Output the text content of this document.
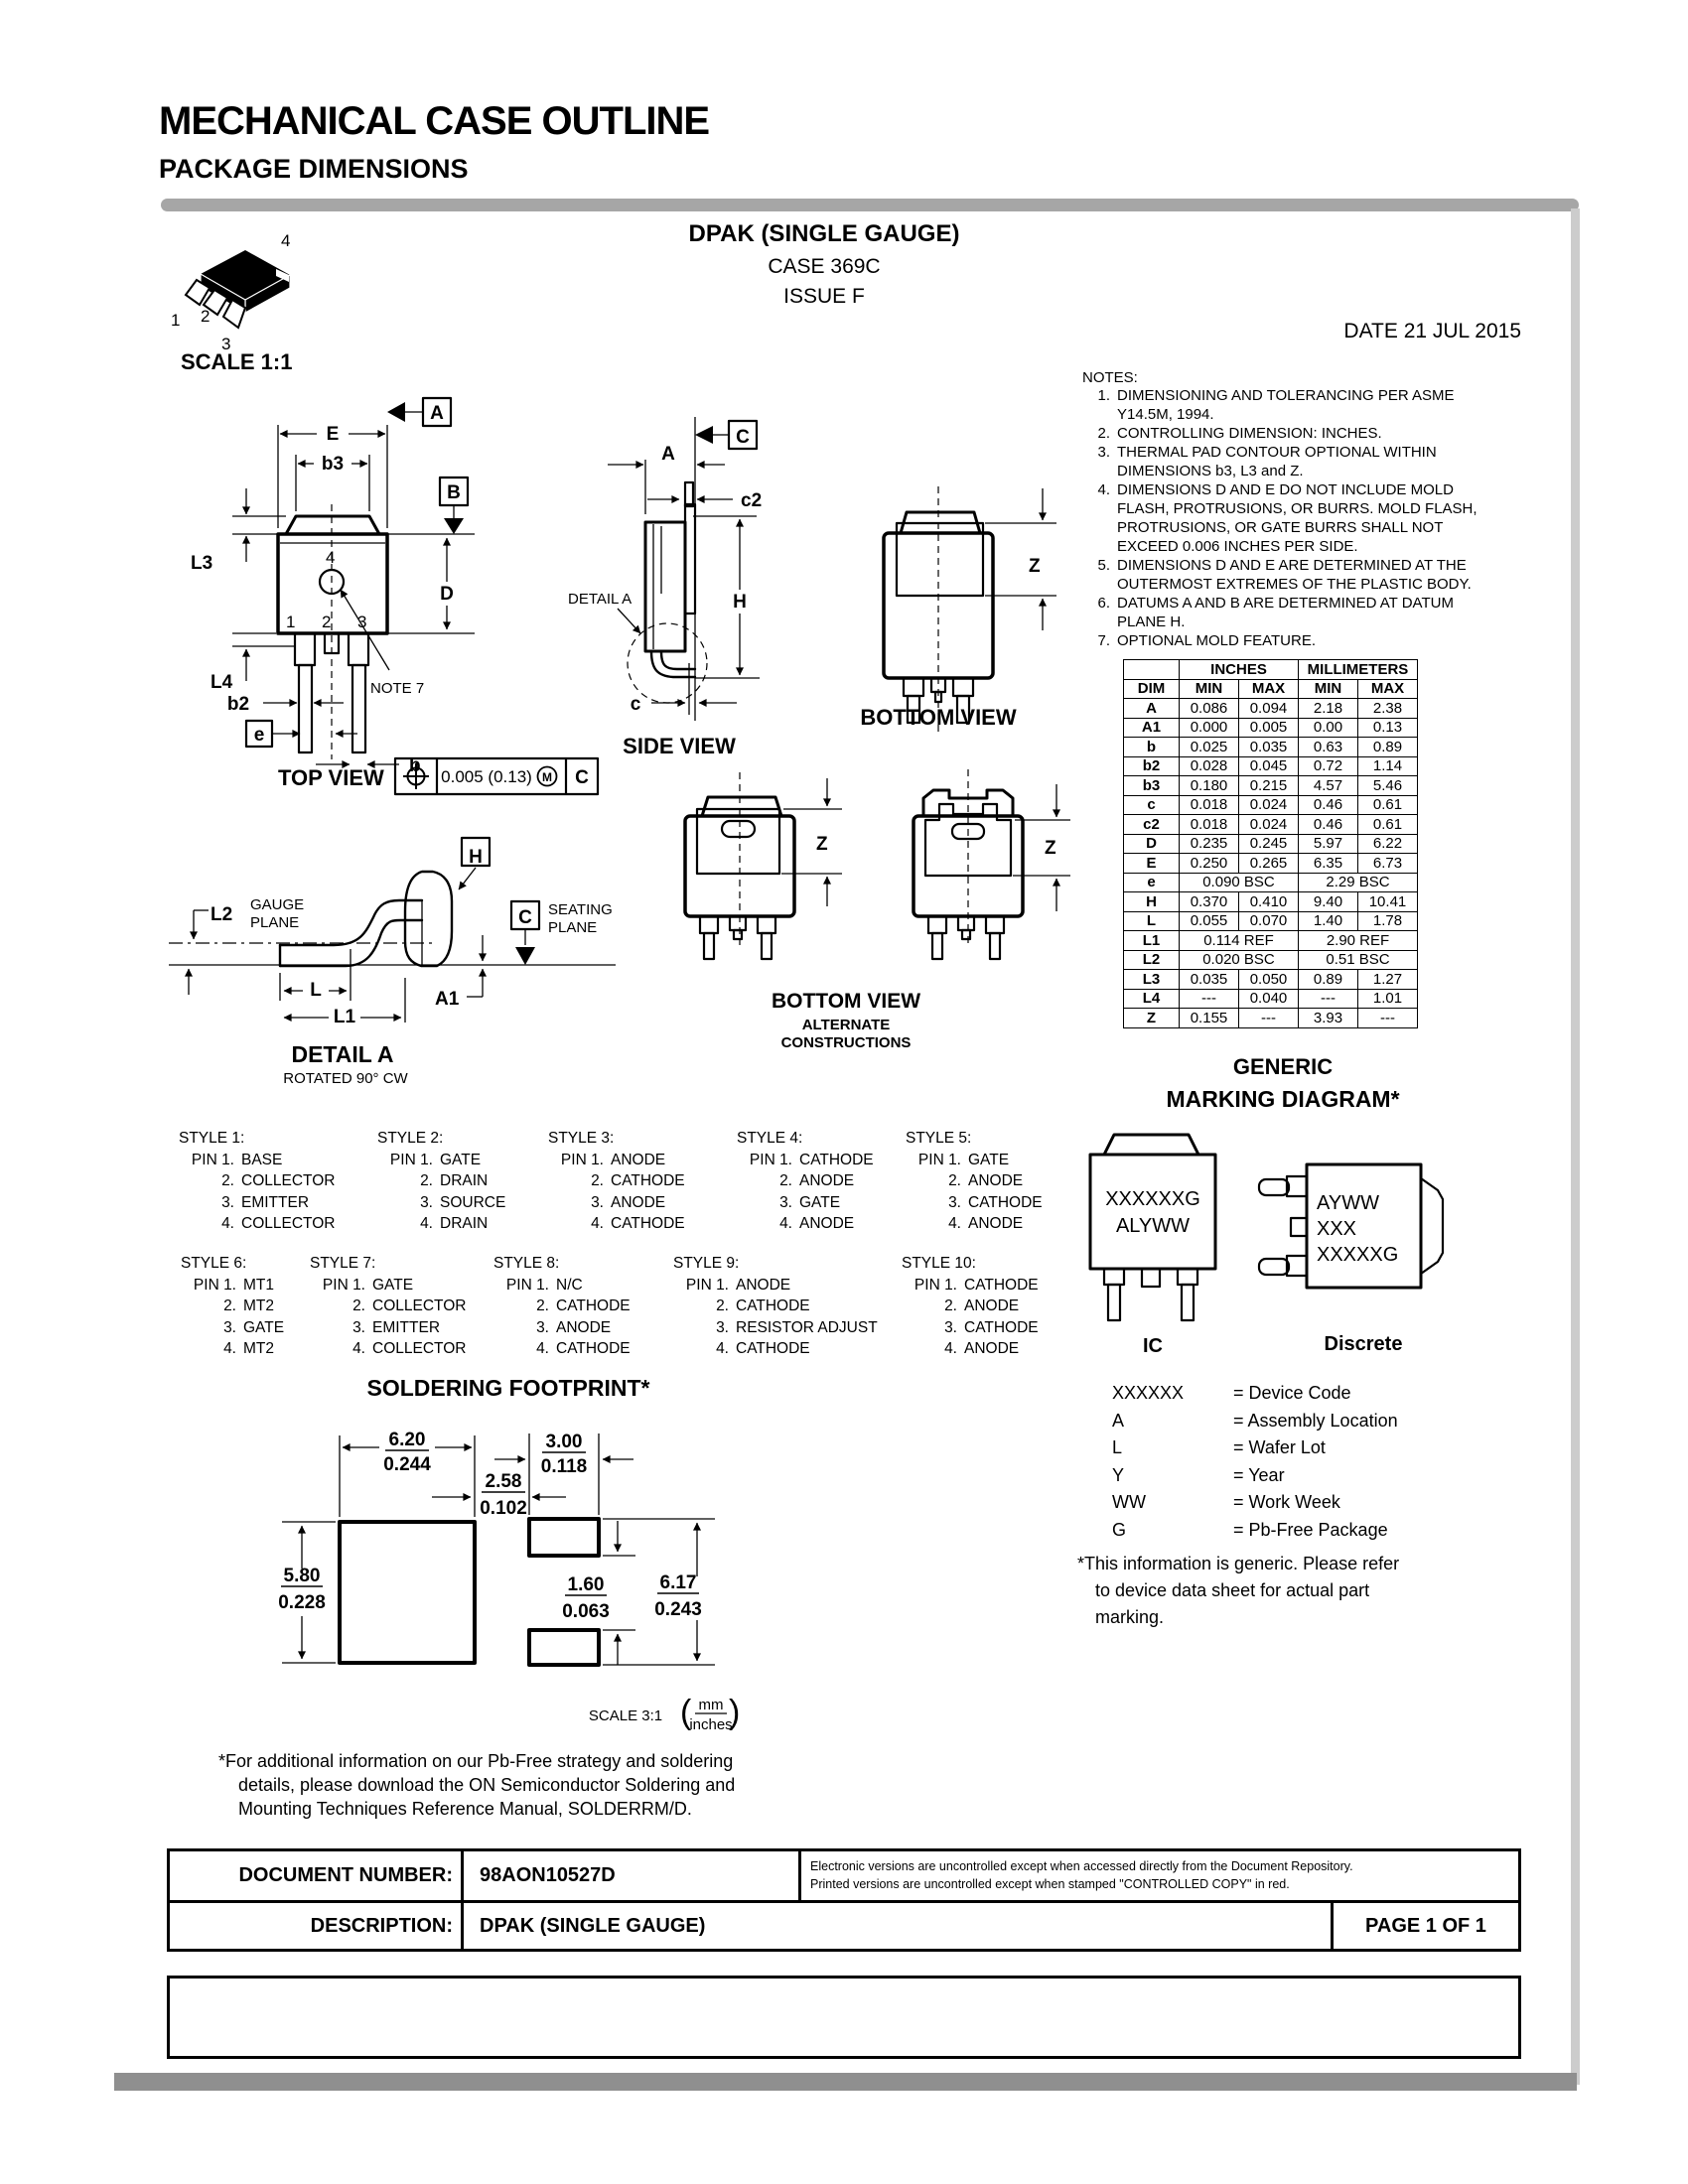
MECHANICAL CASE OUTLINE
PACKAGE DIMENSIONS
DPAK (SINGLE GAUGE)
CASE 369C
ISSUE F
DATE 21 JUL 2015
4
1 2
3
SCALE 1:1
4
1 2 3
E
A
b3
B
L3
D
L4
b2
e
b
NOTE 7
TOP VIEW	0.005 (0.13) M C
C
A
c2
H
DETAIL A
c
SIDE VIEW
Z
BOTTOM VIEW
Z	Z
BOTTOM VIEW
ALTERNATE
CONSTRUCTIONS
L2 GAUGE
PLANE
H
C SEATING
PLANE
A1
L
L1
DETAIL A
ROTATED 90° CW
NOTES:
1. DIMENSIONING AND TOLERANCING PER ASME Y14.5M, 1994.
2. CONTROLLING DIMENSION: INCHES.
3. THERMAL PAD CONTOUR OPTIONAL WITHIN DIMENSIONS b3, L3 and Z.
4. DIMENSIONS D AND E DO NOT INCLUDE MOLD FLASH, PROTRUSIONS, OR BURRS. MOLD FLASH, PROTRUSIONS, OR GATE BURRS SHALL NOT EXCEED 0.006 INCHES PER SIDE.
5. DIMENSIONS D AND E ARE DETERMINED AT THE OUTERMOST EXTREMES OF THE PLASTIC BODY.
6. DATUMS A AND B ARE DETERMINED AT DATUM PLANE H.
7. OPTIONAL MOLD FEATURE.
	INCHES		MILLIMETERS	
DIM	MIN	MAX	MIN	MAX
A	0.086	0.094	2.18	2.38
A1	0.000	0.005	0.00	0.13
b	0.025	0.035	0.63	0.89
b2	0.028	0.045	0.72	1.14
b3	0.180	0.215	4.57	5.46
c	0.018	0.024	0.46	0.61
c2	0.018	0.024	0.46	0.61
D	0.235	0.245	5.97	6.22
E	0.250	0.265	6.35	6.73
e	0.090 BSC		2.29 BSC	
H	0.370	0.410	9.40	10.41
L	0.055	0.070	1.40	1.78
L1	0.114 REF		2.90 REF	
L2	0.020 BSC		0.51 BSC	
L3	0.035	0.050	0.89	1.27
L4	---	0.040	---	1.01
Z	0.155	---	3.93	---
STYLE 1:
PIN 1. BASE
2. COLLECTOR
3. EMITTER
4. COLLECTOR
STYLE 2:
PIN 1. GATE
2. DRAIN
3. SOURCE
4. DRAIN
STYLE 3:
PIN 1. ANODE
2. CATHODE
3. ANODE
4. CATHODE
STYLE 4:
PIN 1. CATHODE
2. ANODE
3. GATE
4. ANODE
STYLE 5:
PIN 1. GATE
2. ANODE
3. CATHODE
4. ANODE
STYLE 6:
PIN 1. MT1
2. MT2
3. GATE
4. MT2
STYLE 7:
PIN 1. GATE
2. COLLECTOR
3. EMITTER
4. COLLECTOR
STYLE 8:
PIN 1. N/C
2. CATHODE
3. ANODE
4. CATHODE
STYLE 9:
PIN 1. ANODE
2. CATHODE
3. RESISTOR ADJUST
4. CATHODE
STYLE 10:
PIN 1. CATHODE
2. ANODE
3. CATHODE
4. ANODE
GENERIC
MARKING DIAGRAM*
XXXXXXG
ALYWW
IC
AYWW
XXX
XXXXXG
Discrete
XXXXXX	= Device Code
A	= Assembly Location
L	= Wafer Lot
Y	= Year
WW	= Work Week
G	= Pb-Free Package
*This information is generic. Please refer
to device data sheet for actual part
marking.
SOLDERING FOOTPRINT*
6.20
0.244
3.00
0.118
2.58
0.102
5.80
0.228
1.60
0.063
6.17
0.243
SCALE 3:1 ( )
mm
inches
*For additional information on our Pb-Free strategy and soldering
details, please download the ON Semiconductor Soldering and
Mounting Techniques Reference Manual, SOLDERRM/D.
DOCUMENT NUMBER: 98AON10527D	Electronic versions are uncontrolled except when accessed directly from the Document Repository.
Printed versions are uncontrolled except when stamped "CONTROLLED COPY" in red.
DESCRIPTION: DPAK (SINGLE GAUGE)	PAGE 1 OF 1
